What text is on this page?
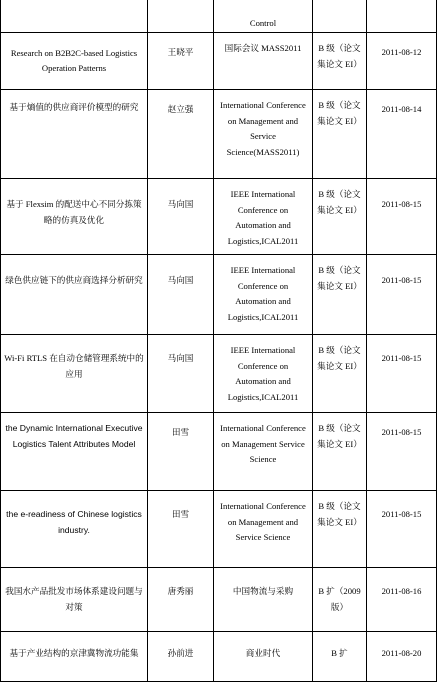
		Control		
Research on B2B2C-based Logistics Operation Patterns	王晓平	国际会议 MASS2011	B 级（论文集论文 EI）	2011-08-12
基于熵值的供应商评价模型的研究	赵立强	International Conference on Management and Service Science(MASS2011)	B 级（论文集论文 EI）	2011-08-14
基于 Flexsim 的配送中心不同分拣策略的仿真及优化	马向国	IEEE International Conference on Automation and Logistics,ICAL2011	B 级（论文集论文 EI）	2011-08-15
绿色供应链下的供应商选择分析研究	马向国	IEEE International Conference on Automation and Logistics,ICAL2011	B 级（论文集论文 EI）	2011-08-15
Wi-Fi RTLS 在自动仓储管理系统中的应用	马向国	IEEE International Conference on Automation and Logistics,ICAL2011	B 级（论文集论文 EI）	2011-08-15
the Dynamic International Executive Logistics Talent Attributes Model	田雪	International Conference on Management Service Science	B 级（论文集论文 EI）	2011-08-15
the e-readiness of Chinese logistics industry.	田雪	International Conference on Management and Service Science	B 级（论文集论文 EI）	2011-08-15
我国水产品批发市场体系建设问题与对策	唐秀丽	中国物流与采购	B 扩（2009 版）	2011-08-16
基于产业结构的京津冀物流功能集	孙前进	商业时代	B 扩	2011-08-20
